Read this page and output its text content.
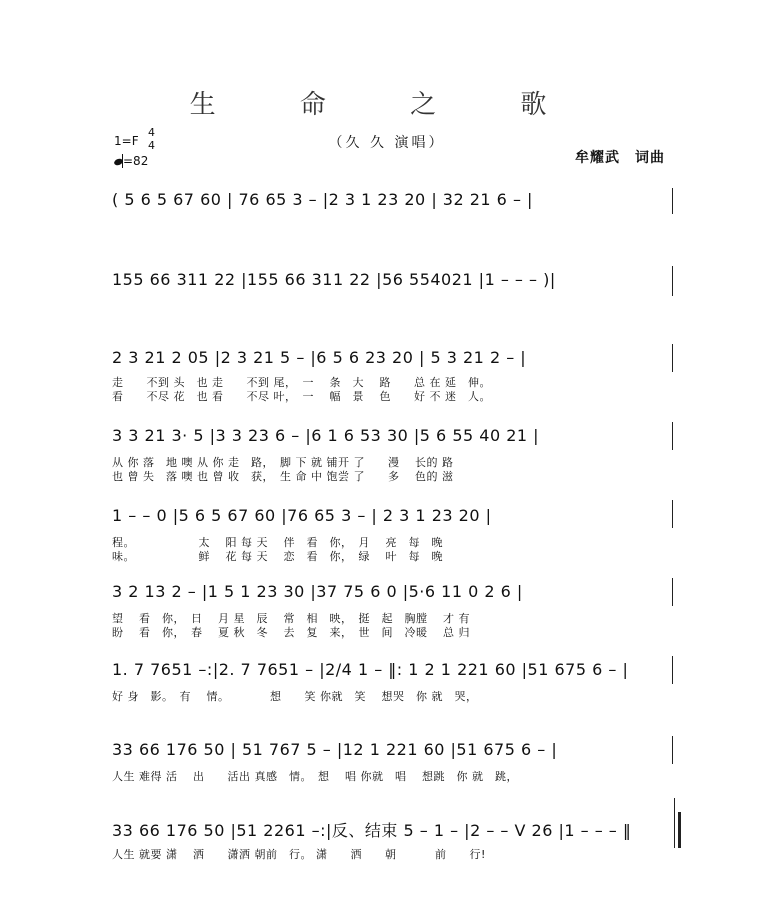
生 命 之 歌
（久 久 演唱）
牟耀武　词曲
1=F
4
4
=82
( 5 6 5 67 60 | 76 65 3 – |2 3 1 23 20 | 32 21 6 – |
155 66 311 22 |155 66 311 22 |56 554021 |1 – – – )|
2 3 21 2 05 |2 3 21 5 – |6 5 6 23 20 | 5 3 21 2 – |
走　　不到 头　也 走　　不到 尾，　一　 条　大　 路　　总 在 延　伸。
看　　不尽 花　也 看　　不尽 叶，　一　 幅　景　 色　　好 不 迷　人。
3 3 21 3· 5 |3 3 23 6 – |6 1 6 53 30 |5 6 55 40 21 |
从 你 落　地 噢 从 你 走　路，　脚 下 就 铺开 了　　漫　 长的 路
也 曾 失　落 噢 也 曾 收　获，　生 命 中 饱尝 了　　多　 色的 滋
1 – – 0 |5 6 5 67 60 |76 65 3 – | 2 3 1 23 20 |
程。　　　　　　太　 阳 每 天　 伴　看　你，　月　 亮　每　晚
味。　　　　　　鲜　 花 每 天　 恋　看　你，　绿　 叶　每　晚
3 2 13 2 – |1 5 1 23 30 |37 75 6 0 |5·6 11 0 2 6 |
望　 看　你，　日　 月 星　辰　 常　相　映，　挺　起　胸膛　 才 有
盼　 看　你，　春　 夏 秋　冬　 去　复　来，　世　间　冷暖　 总 归
1. 7 7651 –:|2. 7 7651 – |2/4 1 – ‖: 1 2 1 221 60 |51 675 6 – |
好 身　影。　有　 情。　　　　想　　笑 你就　笑　 想哭　你 就　哭，
33 66 176 50 | 51 767 5 – |12 1 221 60 |51 675 6 – |
人生 难得 活　 出　　活出 真感　情。　想　 唱 你就　唱　 想跳　你 就　跳，
33 66 176 50 |51 2261 –:|反、结束 5 – 1 – |2 – – V 26 |1 – – – ‖
人生 就要 潇　 洒　　潇洒 朝前　行。 潇　　洒　　朝　　　 前　　行!
